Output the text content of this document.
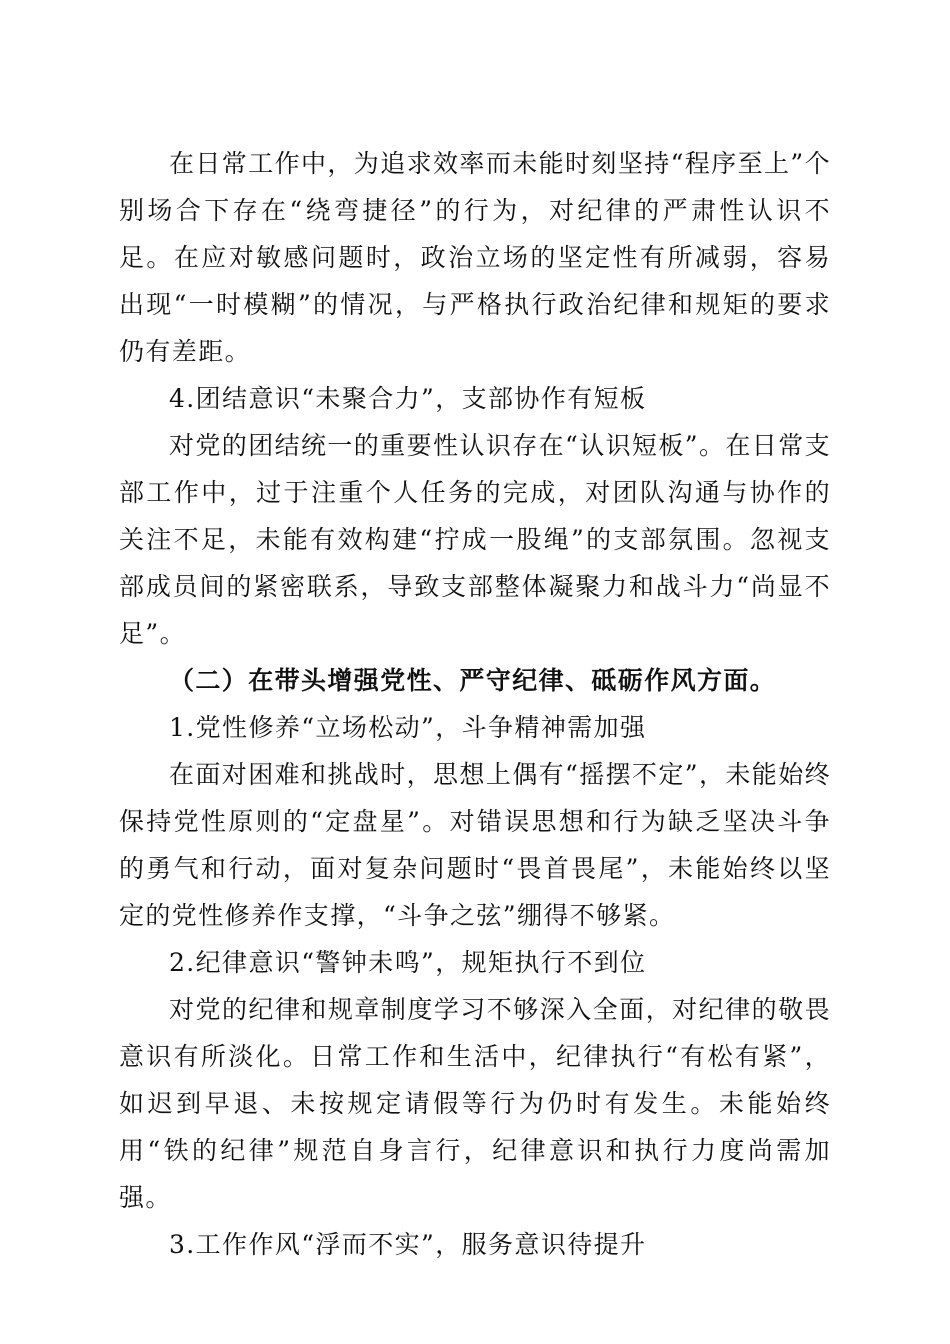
在日常工作中，为追求效率而未能时刻坚持“程序至上”个别场合下存在“绕弯捷径”的行为，对纪律的严肃性认识不足。在应对敏感问题时，政治立场的坚定性有所减弱，容易出现“一时模糊”的情况，与严格执行政治纪律和规矩的要求仍有差距。

4.团结意识“未聚合力”，支部协作有短板

对党的团结统一的重要性认识存在“认识短板”。在日常支部工作中，过于注重个人任务的完成，对团队沟通与协作的关注不足，未能有效构建“拧成一股绳”的支部氛围。忽视支部成员间的紧密联系，导致支部整体凝聚力和战斗力“尚显不足”。

（二）在带头增强党性、严守纪律、砥砺作风方面。

1.党性修养“立场松动”，斗争精神需加强

在面对困难和挑战时，思想上偶有“摇摆不定”，未能始终保持党性原则的“定盘星”。对错误思想和行为缺乏坚决斗争的勇气和行动，面对复杂问题时“畏首畏尾”，未能始终以坚定的党性修养作支撑，“斗争之弦”绷得不够紧。

2.纪律意识“警钟未鸣”，规矩执行不到位

对党的纪律和规章制度学习不够深入全面，对纪律的敬畏意识有所淡化。日常工作和生活中，纪律执行“有松有紧”，如迟到早退、未按规定请假等行为仍时有发生。未能始终用“铁的纪律”规范自身言行，纪律意识和执行力度尚需加强。

3.工作作风“浮而不实”，服务意识待提升
